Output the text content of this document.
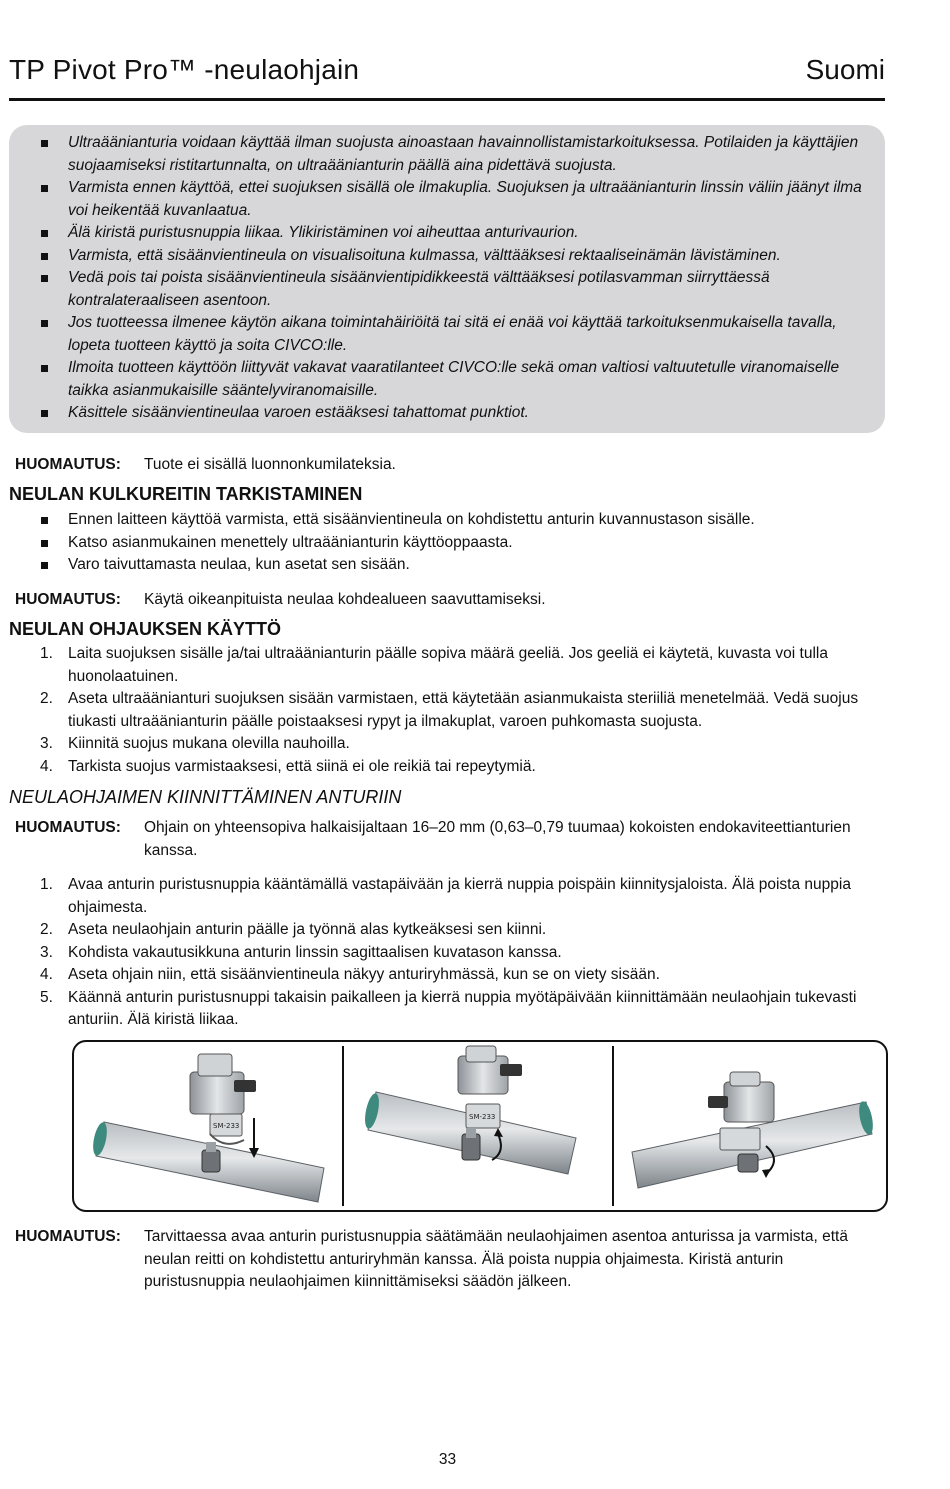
TP Pivot Pro™ -neulaohjain	Suomi
Ultraäänianturia voidaan käyttää ilman suojusta ainoastaan havainnollistamistarkoituksessa. Potilaiden ja käyttäjien suojaamiseksi ristitartunnalta, on ultraäänianturin päällä aina pidettävä suojusta.
Varmista ennen käyttöä, ettei suojuksen sisällä ole ilmakuplia. Suojuksen ja ultraäänianturin linssin väliin jäänyt ilma voi heikentää kuvanlaatua.
Älä kiristä puristusnuppia liikaa. Ylikiristäminen voi aiheuttaa anturivaurion.
Varmista, että sisäänvientineula on visualisoituna kulmassa, välttääksesi rektaaliseinämän lävistäminen.
Vedä pois tai poista sisäänvientineula sisäänvientipidikkeestä välttääksesi potilasvamman siirryttäessä kontralateraaliseen asentoon.
Jos tuotteessa ilmenee käytön aikana toimintahäiriöitä tai sitä ei enää voi käyttää tarkoituksenmukaisella tavalla, lopeta tuotteen käyttö ja soita CIVCO:lle.
Ilmoita tuotteen käyttöön liittyvät vakavat vaaratilanteet CIVCO:lle sekä oman valtiosi valtuutetulle viranomaiselle taikka asianmukaisille sääntelyviranomaisille.
Käsittele sisäänvientineulaa varoen estääksesi tahattomat punktiot.
HUOMAUTUS: Tuote ei sisällä luonnonkumilateksia.
NEULAN KULKUREITIN TARKISTAMINEN
Ennen laitteen käyttöä varmista, että sisäänvientineula on kohdistettu anturin kuvannustason sisälle.
Katso asianmukainen menettely ultraäänianturin käyttöoppaasta.
Varo taivuttamasta neulaa, kun asetat sen sisään.
HUOMAUTUS: Käytä oikeanpituista neulaa kohdealueen saavuttamiseksi.
NEULAN OHJAUKSEN KÄYTTÖ
1. Laita suojuksen sisälle ja/tai ultraäänianturin päälle sopiva määrä geeliä. Jos geeliä ei käytetä, kuvasta voi tulla huonolaatuinen.
2. Aseta ultraäänianturi suojuksen sisään varmistaen, että käytetään asianmukaista steriiliä menetelmää. Vedä suojus tiukasti ultraäänianturin päälle poistaaksesi rypyt ja ilmakuplat, varoen puhkomasta suojusta.
3. Kiinnitä suojus mukana olevilla nauhoilla.
4. Tarkista suojus varmistaaksesi, että siinä ei ole reikiä tai repeytymiä.
NEULAOHJAIMEN KIINNITTÄMINEN ANTURIIN
HUOMAUTUS: Ohjain on yhteensopiva halkaisijaltaan 16–20 mm (0,63–0,79 tuumaa) kokoisten endokaviteettianturien kanssa.
1. Avaa anturin puristusnuppia kääntämällä vastapäivään ja kierrä nuppia poispäin kiinnitysjaloista. Älä poista nuppia ohjaimesta.
2. Aseta neulaohjain anturin päälle ja työnnä alas kytkeäksesi sen kiinni.
3. Kohdista vakautusikkuna anturin linssin sagittaalisen kuvatason kanssa.
4. Aseta ohjain niin, että sisäänvientineula näkyy anturiryhmässä, kun se on viety sisään.
5. Käännä anturin puristusnuppi takaisin paikalleen ja kierrä nuppia myötäpäivään kiinnittämään neulaohjain tukevasti anturiin. Älä kiristä liikaa.
SM-233
SM-233
HUOMAUTUS: Tarvittaessa avaa anturin puristusnuppia säätämään neulaohjaimen asentoa anturissa ja varmista, että neulan reitti on kohdistettu anturiryhmän kanssa. Älä poista nuppia ohjaimesta. Kiristä anturin puristusnuppia neulaohjaimen kiinnittämiseksi säädön jälkeen.
33
